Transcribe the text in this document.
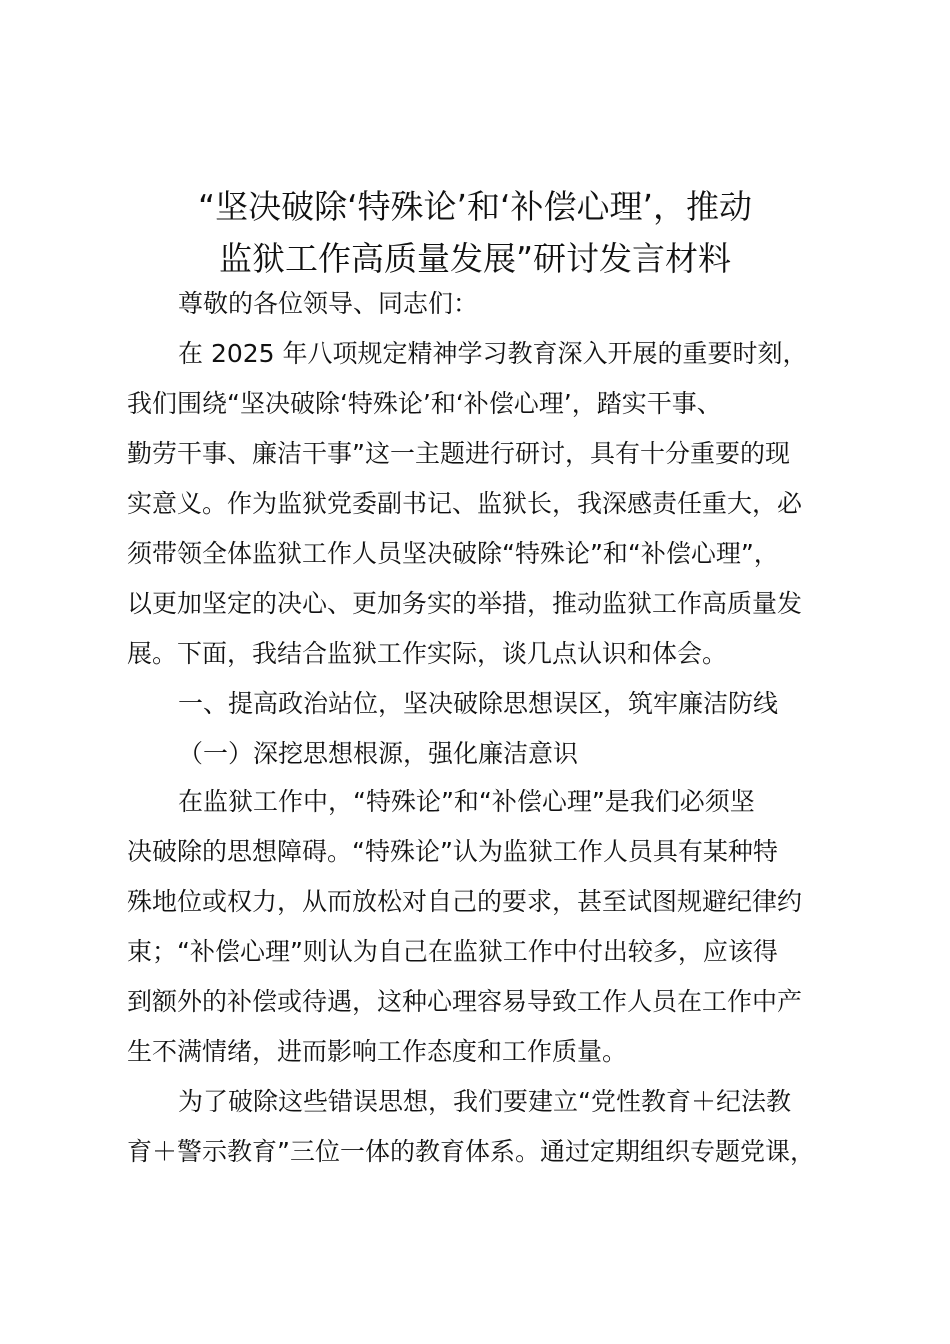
“坚决破除‘特殊论’和‘补偿心理’，推动
监狱工作高质量发展”研讨发言材料
尊敬的各位领导、同志们：
在 2025 年八项规定精神学习教育深入开展的重要时刻，
我们围绕“坚决破除‘特殊论’和‘补偿心理’，踏实干事、
勤劳干事、廉洁干事”这一主题进行研讨，具有十分重要的现
实意义。作为监狱党委副书记、监狱长，我深感责任重大，必
须带领全体监狱工作人员坚决破除“特殊论”和“补偿心理”，
以更加坚定的决心、更加务实的举措，推动监狱工作高质量发
展。下面，我结合监狱工作实际，谈几点认识和体会。
一、提高政治站位，坚决破除思想误区，筑牢廉洁防线
（一）深挖思想根源，强化廉洁意识
在监狱工作中，“特殊论”和“补偿心理”是我们必须坚
决破除的思想障碍。“特殊论”认为监狱工作人员具有某种特
殊地位或权力，从而放松对自己的要求，甚至试图规避纪律约
束；“补偿心理”则认为自己在监狱工作中付出较多，应该得
到额外的补偿或待遇，这种心理容易导致工作人员在工作中产
生不满情绪，进而影响工作态度和工作质量。
为了破除这些错误思想，我们要建立“党性教育＋纪法教
育＋警示教育”三位一体的教育体系。通过定期组织专题党课，
